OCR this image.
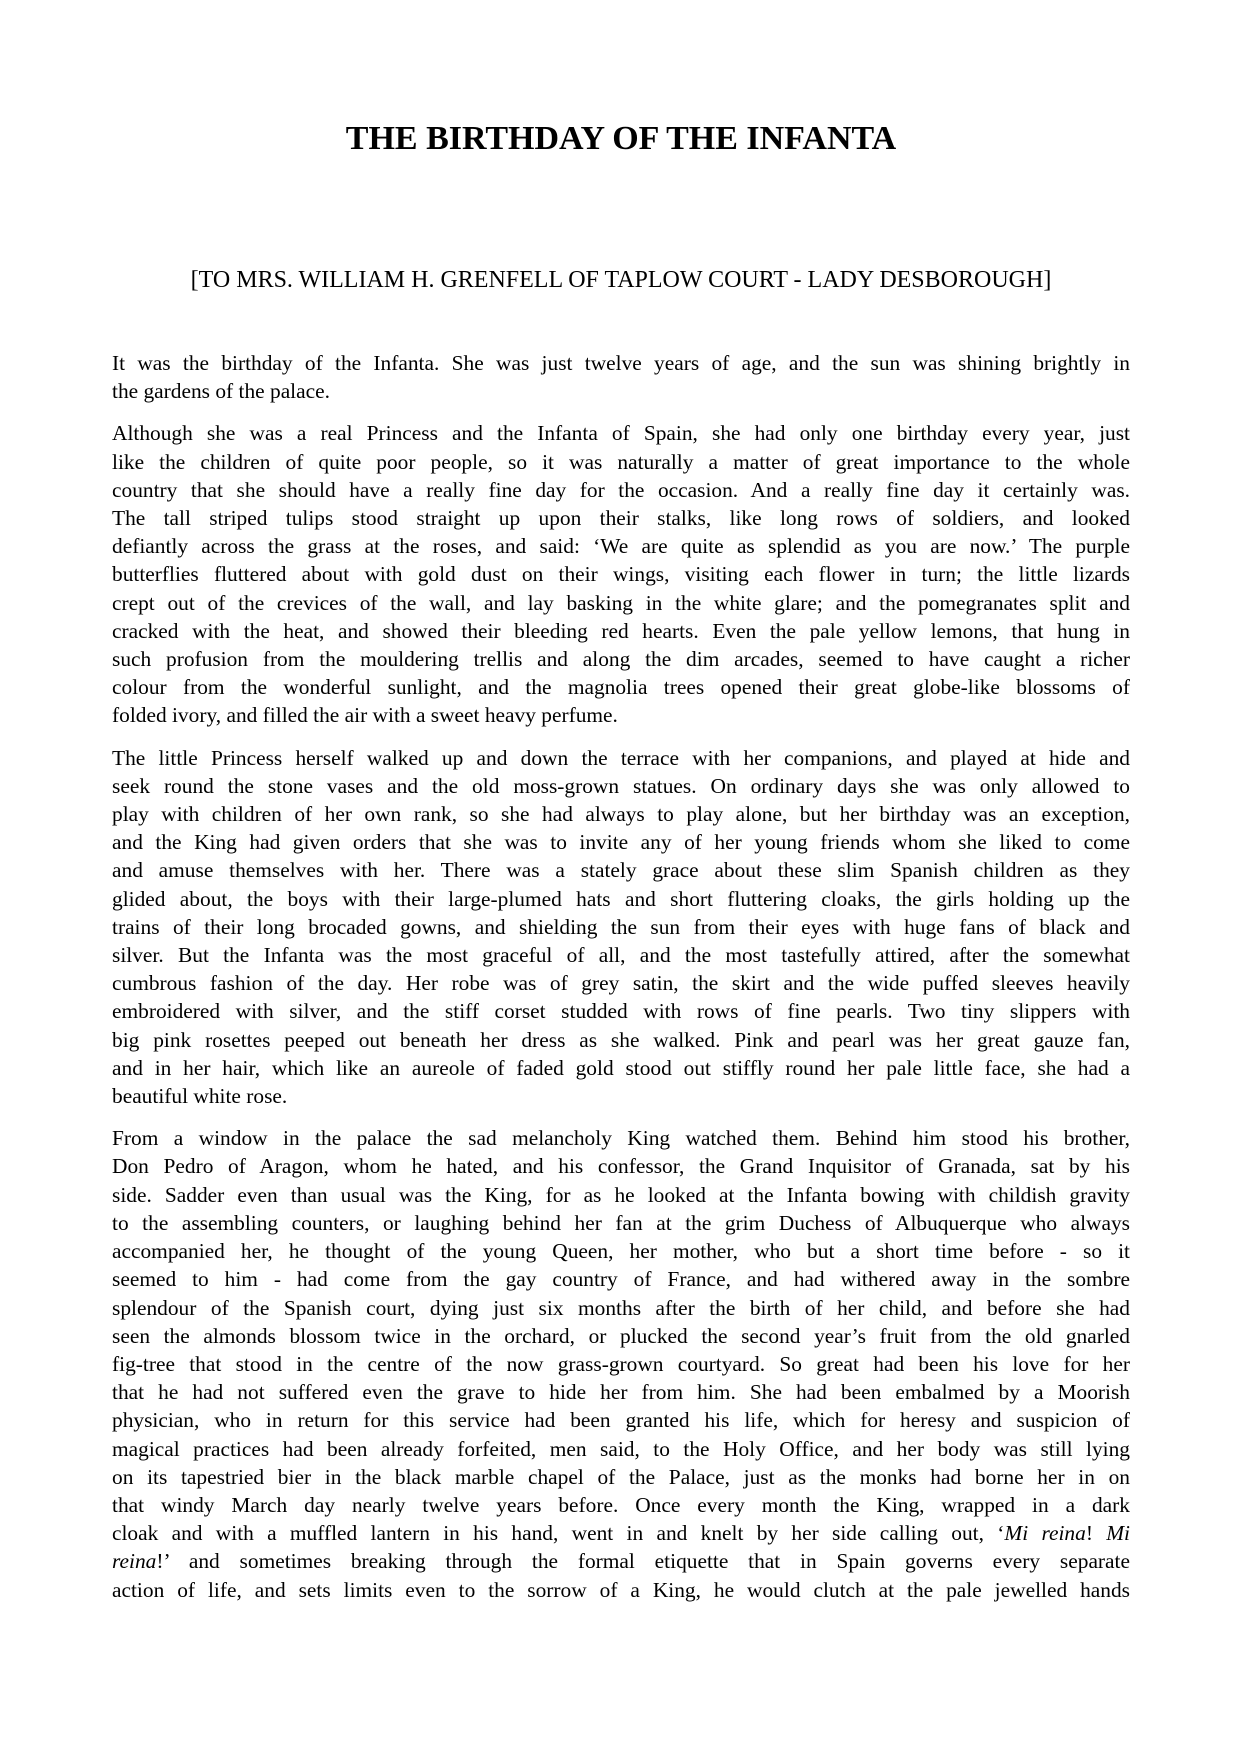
THE BIRTHDAY OF THE INFANTA

[TO MRS. WILLIAM H. GRENFELL OF TAPLOW COURT - LADY DESBOROUGH]

It was the birthday of the Infanta. She was just twelve years of age, and the sun was shining brightly in
the gardens of the palace.

Although she was a real Princess and the Infanta of Spain, she had only one birthday every year, just
like the children of quite poor people, so it was naturally a matter of great importance to the whole
country that she should have a really fine day for the occasion. And a really fine day it certainly was.
The tall striped tulips stood straight up upon their stalks, like long rows of soldiers, and looked
defiantly across the grass at the roses, and said: ‘We are quite as splendid as you are now.’ The purple
butterflies fluttered about with gold dust on their wings, visiting each flower in turn; the little lizards
crept out of the crevices of the wall, and lay basking in the white glare; and the pomegranates split and
cracked with the heat, and showed their bleeding red hearts. Even the pale yellow lemons, that hung in
such profusion from the mouldering trellis and along the dim arcades, seemed to have caught a richer
colour from the wonderful sunlight, and the magnolia trees opened their great globe-like blossoms of
folded ivory, and filled the air with a sweet heavy perfume.

The little Princess herself walked up and down the terrace with her companions, and played at hide and
seek round the stone vases and the old moss-grown statues. On ordinary days she was only allowed to
play with children of her own rank, so she had always to play alone, but her birthday was an exception,
and the King had given orders that she was to invite any of her young friends whom she liked to come
and amuse themselves with her. There was a stately grace about these slim Spanish children as they
glided about, the boys with their large-plumed hats and short fluttering cloaks, the girls holding up the
trains of their long brocaded gowns, and shielding the sun from their eyes with huge fans of black and
silver. But the Infanta was the most graceful of all, and the most tastefully attired, after the somewhat
cumbrous fashion of the day. Her robe was of grey satin, the skirt and the wide puffed sleeves heavily
embroidered with silver, and the stiff corset studded with rows of fine pearls. Two tiny slippers with
big pink rosettes peeped out beneath her dress as she walked. Pink and pearl was her great gauze fan,
and in her hair, which like an aureole of faded gold stood out stiffly round her pale little face, she had a
beautiful white rose.

From a window in the palace the sad melancholy King watched them. Behind him stood his brother,
Don Pedro of Aragon, whom he hated, and his confessor, the Grand Inquisitor of Granada, sat by his
side. Sadder even than usual was the King, for as he looked at the Infanta bowing with childish gravity
to the assembling counters, or laughing behind her fan at the grim Duchess of Albuquerque who always
accompanied her, he thought of the young Queen, her mother, who but a short time before - so it
seemed to him - had come from the gay country of France, and had withered away in the sombre
splendour of the Spanish court, dying just six months after the birth of her child, and before she had
seen the almonds blossom twice in the orchard, or plucked the second year’s fruit from the old gnarled
fig-tree that stood in the centre of the now grass-grown courtyard. So great had been his love for her
that he had not suffered even the grave to hide her from him. She had been embalmed by a Moorish
physician, who in return for this service had been granted his life, which for heresy and suspicion of
magical practices had been already forfeited, men said, to the Holy Office, and her body was still lying
on its tapestried bier in the black marble chapel of the Palace, just as the monks had borne her in on
that windy March day nearly twelve years before. Once every month the King, wrapped in a dark
cloak and with a muffled lantern in his hand, went in and knelt by her side calling out, ‘Mi reina! Mi
reina!’ and sometimes breaking through the formal etiquette that in Spain governs every separate
action of life, and sets limits even to the sorrow of a King, he would clutch at the pale jewelled hands
